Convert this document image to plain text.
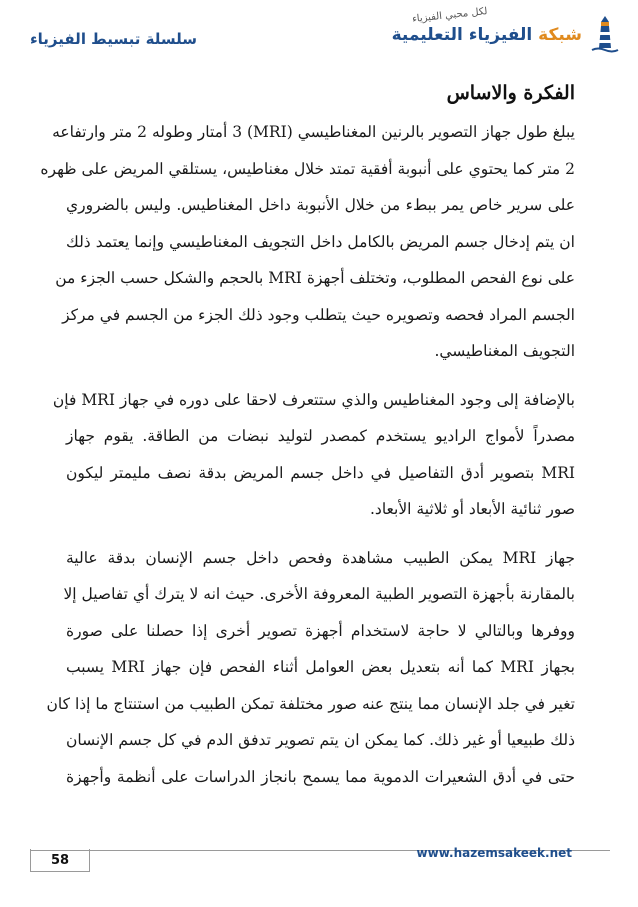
سلسلة تبسيط الفيزياء
لكل محبي الفيزياء
شبكة الفيزياء التعليمية
الفكرة والاساس
يبلغ طول جهاز التصوير بالرنين المغناطيسي (MRI) 3 أمتار وطوله 2 متر وارتفاعه
2 متر كما يحتوي على أنبوبة أفقية تمتد خلال مغناطيس، يستلقي المريض على ظهره
على سرير خاص يمر ببطء من خلال الأنبوبة داخل المغناطيس. وليس بالضروري
ان يتم إدخال جسم المريض بالكامل داخل التجويف المغناطيسي وإنما يعتمد ذلك
على نوع الفحص المطلوب، وتختلف أجهزة MRI بالحجم والشكل حسب الجزء من
الجسم المراد فحصه وتصويره حيث يتطلب وجود ذلك الجزء من الجسم في مركز
التجويف المغناطيسي.
بالإضافة إلى وجود المغناطيس والذي ستتعرف لاحقا على دوره في جهاز MRI فإن
مصدراً لأمواج الراديو يستخدم كمصدر لتوليد نبضات من الطاقة. يقوم جهاز
MRI بتصوير أدق التفاصيل في داخل جسم المريض بدقة نصف مليمتر ليكون
صور ثنائية الأبعاد أو ثلاثية الأبعاد.
جهاز MRI يمكن الطبيب مشاهدة وفحص داخل جسم الإنسان بدقة عالية
بالمقارنة بأجهزة التصوير الطبية المعروفة الأخرى. حيث انه لا يترك أي تفاصيل إلا
ووفرها وبالتالي لا حاجة لاستخدام أجهزة تصوير أخرى إذا حصلنا على صورة
بجهاز MRI كما أنه بتعديل بعض العوامل أثناء الفحص فإن جهاز MRI يسبب
تغير في جلد الإنسان مما ينتج عنه صور مختلفة تمكن الطبيب من استنتاج ما إذا كان
ذلك طبيعيا أو غير ذلك. كما يمكن ان يتم تصوير تدفق الدم في كل جسم الإنسان
حتى في أدق الشعيرات الدموية مما يسمح بانجاز الدراسات على أنظمة وأجهزة
58	www.hazemsakeek.net
